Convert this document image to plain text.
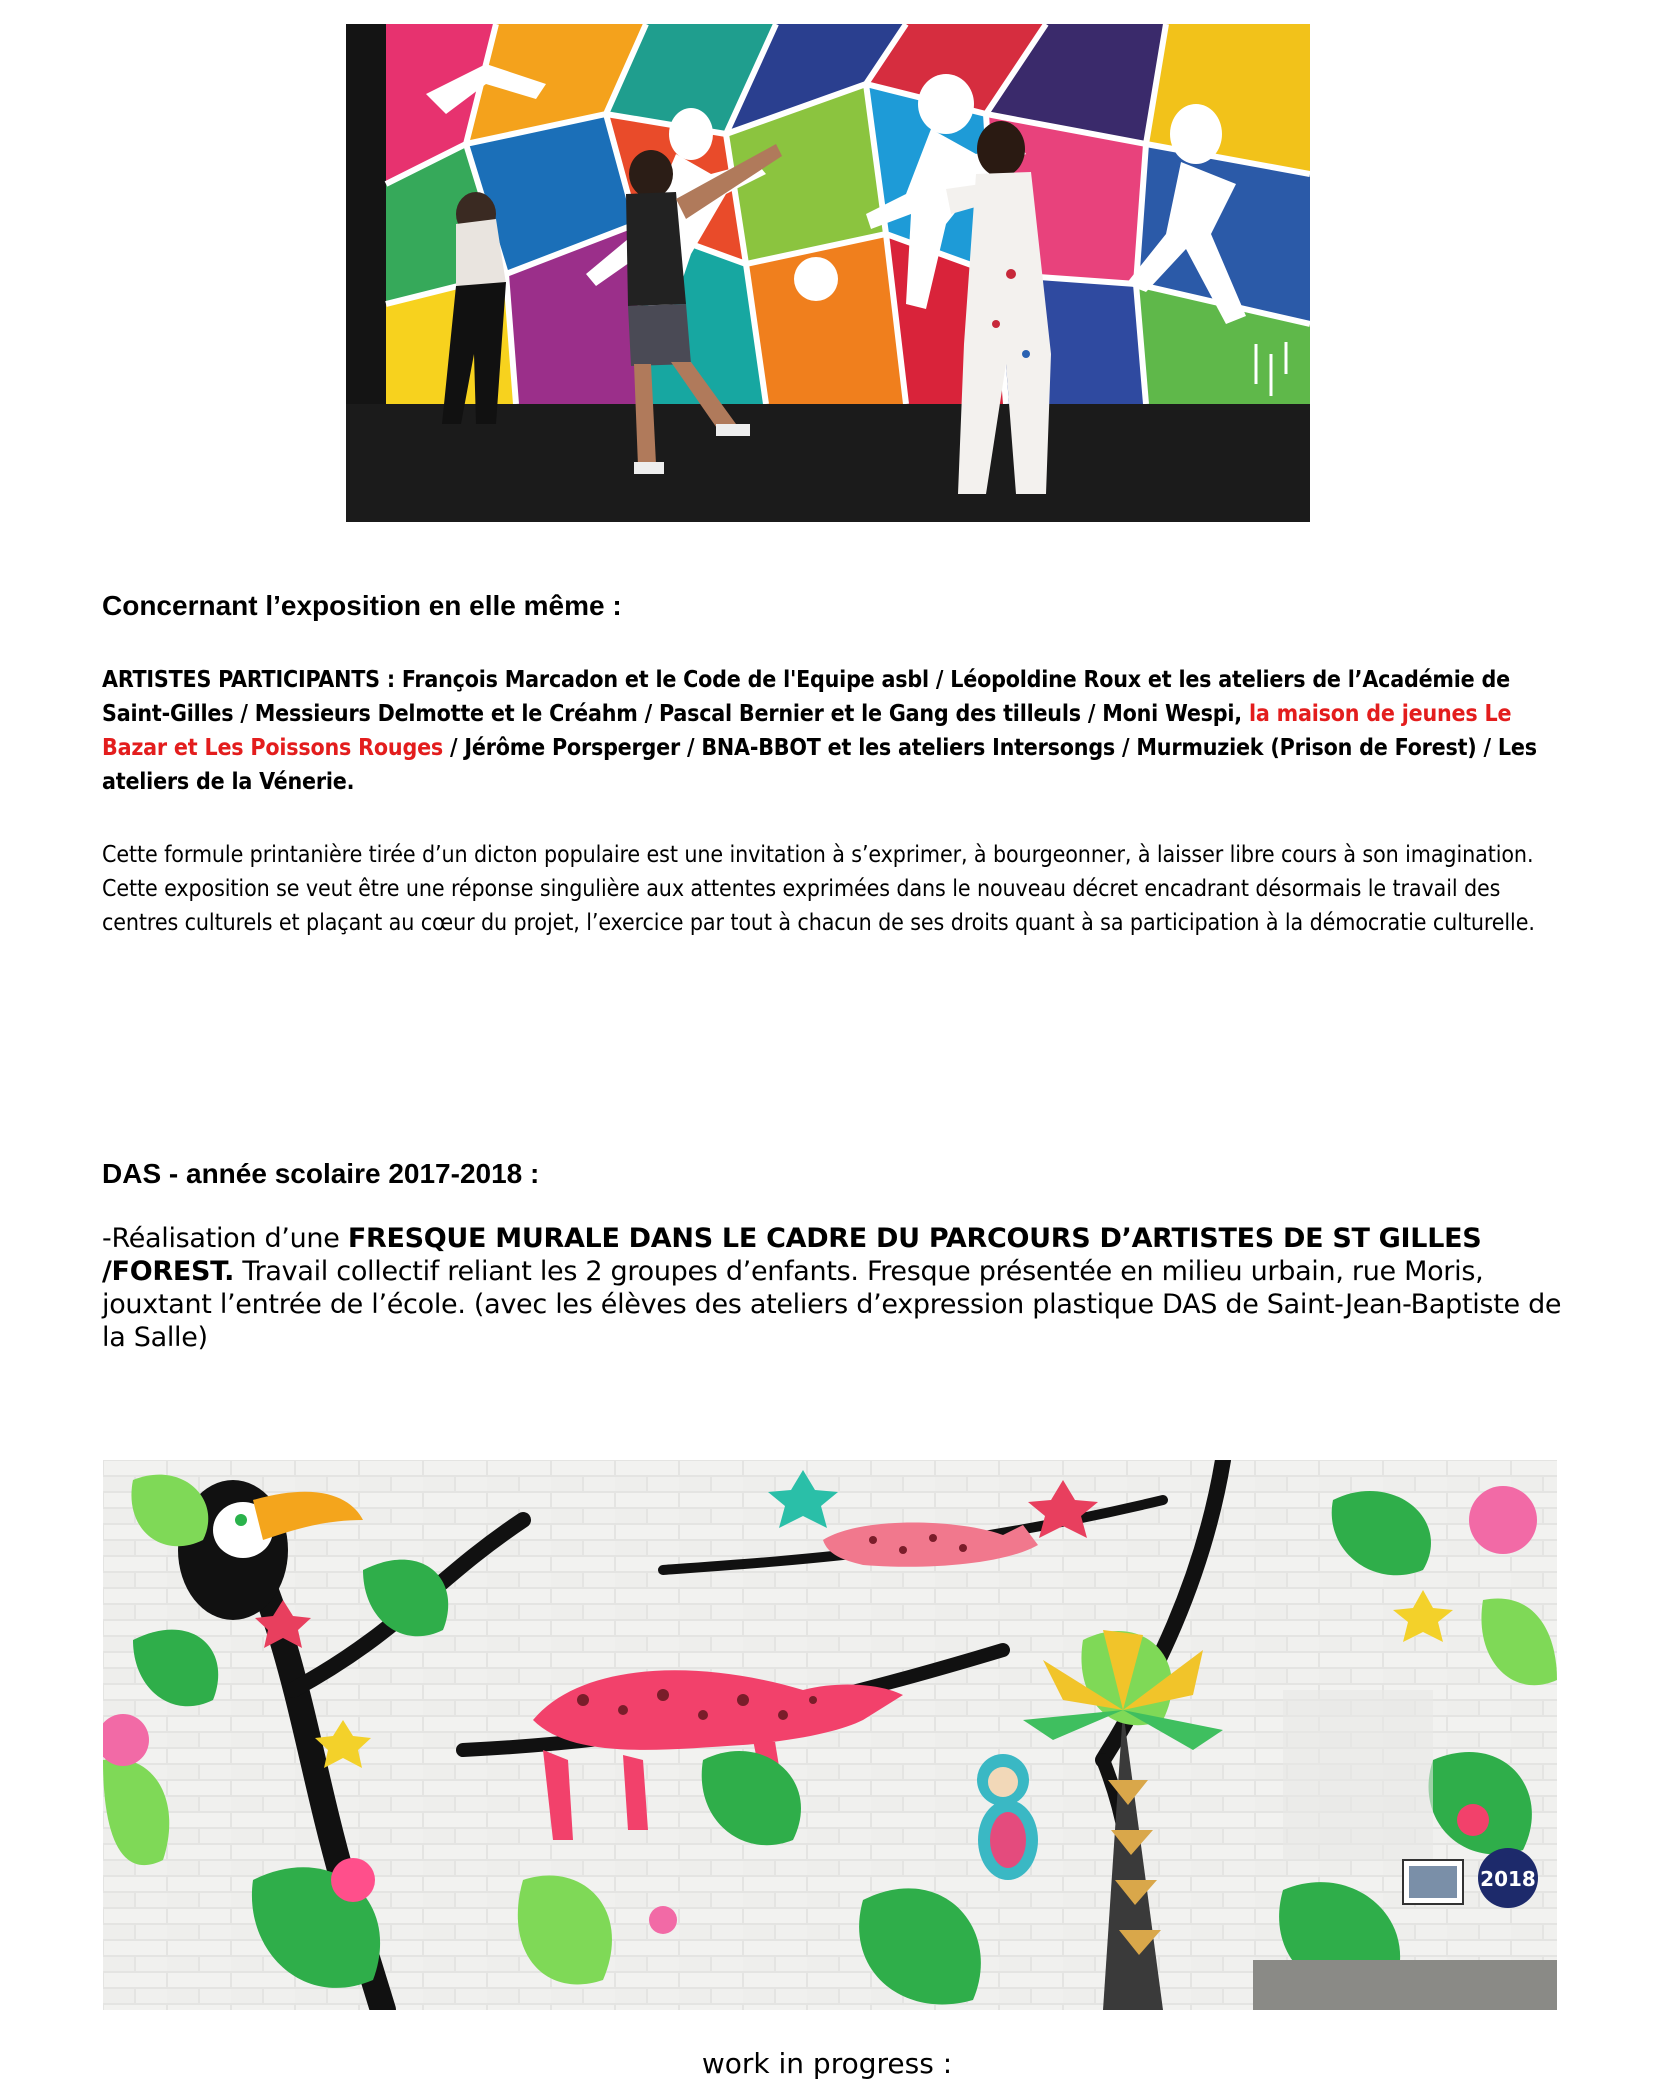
Concernant l’exposition en elle même :

ARTISTES PARTICIPANTS : François Marcadon et le Code de l'Equipe asbl / Léopoldine Roux et les ateliers de l’Académie de Saint-Gilles / Messieurs Delmotte et le Créahm / Pascal Bernier et le Gang des tilleuls / Moni Wespi, la maison de jeunes Le Bazar et Les Poissons Rouges / Jérôme Porsperger / BNA-BBOT et les ateliers Intersongs / Murmuziek (Prison de Forest) / Les ateliers de la Vénerie.

Cette formule printanière tirée d’un dicton populaire est une invitation à s’exprimer, à bourgeonner, à laisser libre cours à son imagination. Cette exposition se veut être une réponse singulière aux attentes exprimées dans le nouveau décret encadrant désormais le travail des centres culturels et plaçant au cœur du projet, l’exercice par tout à chacun de ses droits quant à sa participation à la démocratie culturelle.

DAS - année scolaire 2017-2018 :

-Réalisation d’une FRESQUE MURALE DANS LE CADRE DU PARCOURS D’ARTISTES DE ST GILLES /FOREST. Travail collectif reliant les 2 groupes d’enfants. Fresque présentée en milieu urbain, rue Moris, jouxtant l’entrée de l’école. (avec les élèves des ateliers d’expression plastique DAS de Saint-Jean-Baptiste de la Salle)

2018

work in progress :
